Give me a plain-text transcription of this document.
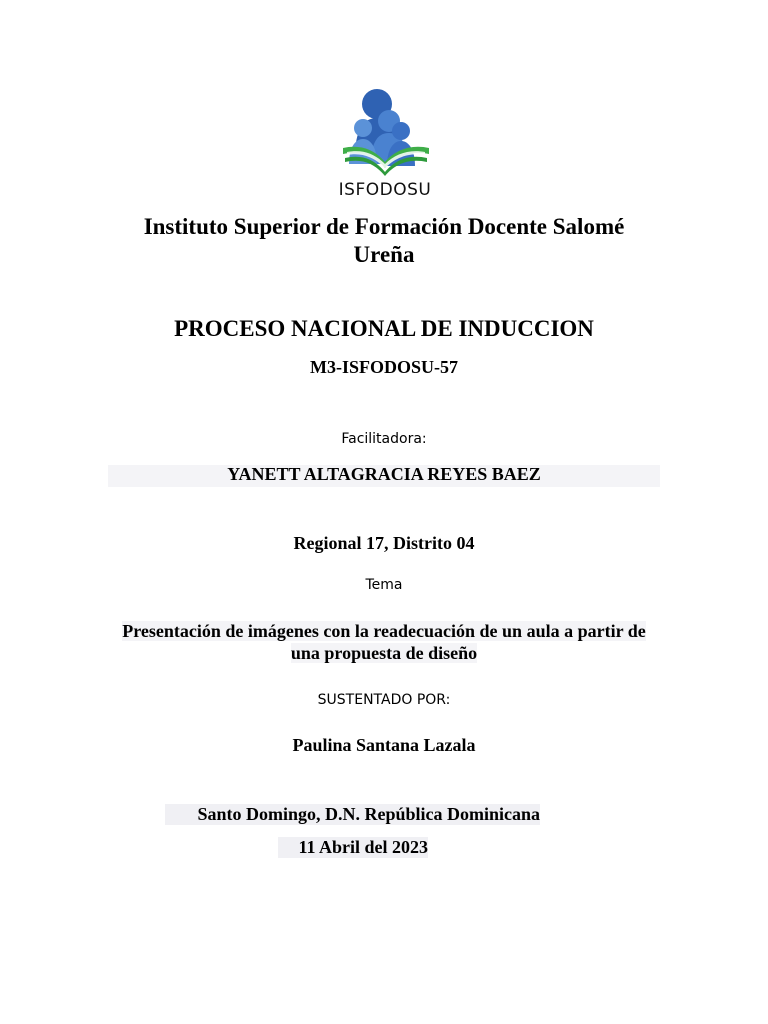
ISFODOSU
Instituto Superior de Formación Docente Salomé Ureña
PROCESO NACIONAL DE INDUCCION
M3-ISFODOSU-57
Facilitadora:
YANETT ALTAGRACIA REYES BAEZ
Regional 17, Distrito 04
Tema
Presentación de imágenes con la readecuación de un aula a partir de
una propuesta de diseño
SUSTENTADO POR:
Paulina Santana Lazala
Santo Domingo, D.N. República Dominicana
11 Abril del 2023
